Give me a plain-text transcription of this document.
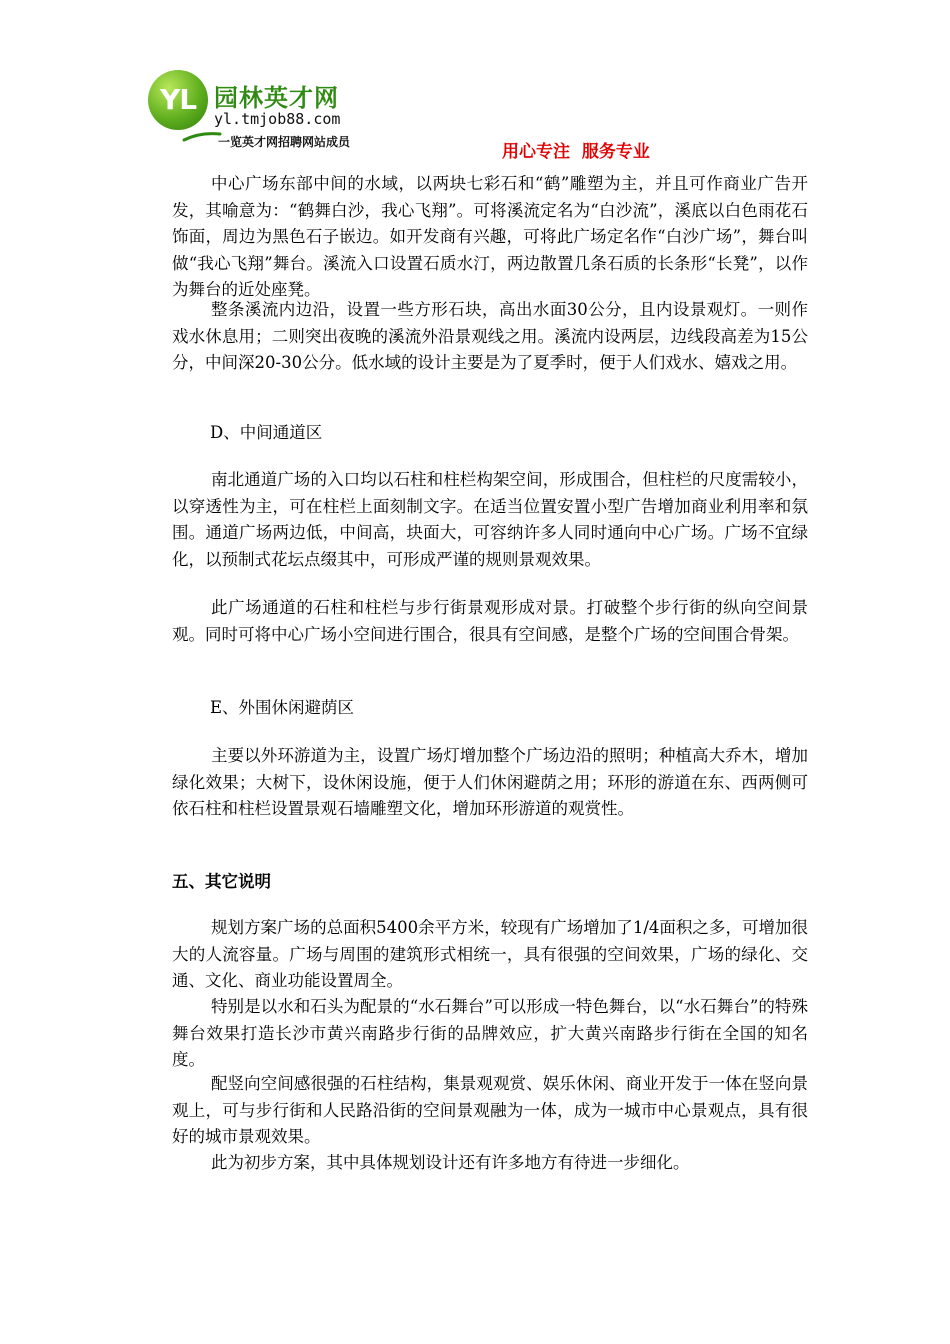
YL 园林英才网
yl.tmjob88.com
一览英才网招聘网站成员	用心专注  服务专业

中心广场东部中间的水域，以两块七彩石和“鹤”雕塑为主，并且可作商业广告开发，其喻意为：“鹤舞白沙，我心飞翔”。可将溪流定名为“白沙流”，溪底以白色雨花石饰面，周边为黑色石子嵌边。如开发商有兴趣，可将此广场定名作“白沙广场”，舞台叫做“我心飞翔”舞台。溪流入口设置石质水汀，两边散置几条石质的长条形“长凳”，以作为舞台的近处座凳。

整条溪流内边沿，设置一些方形石块，高出水面30公分，且内设景观灯。一则作戏水休息用；二则突出夜晚的溪流外沿景观线之用。溪流内设两层，边线段高差为15公分，中间深20-30公分。低水域的设计主要是为了夏季时，便于人们戏水、嬉戏之用。

D、中间通道区

南北通道广场的入口均以石柱和柱栏构架空间，形成围合，但柱栏的尺度需较小，以穿透性为主，可在柱栏上面刻制文字。在适当位置安置小型广告增加商业利用率和氛围。通道广场两边低，中间高，块面大，可容纳许多人同时通向中心广场。广场不宜绿化，以预制式花坛点缀其中，可形成严谨的规则景观效果。

此广场通道的石柱和柱栏与步行街景观形成对景。打破整个步行街的纵向空间景观。同时可将中心广场小空间进行围合，很具有空间感，是整个广场的空间围合骨架。

E、外围休闲避荫区

主要以外环游道为主，设置广场灯增加整个广场边沿的照明；种植高大乔木，增加绿化效果；大树下，设休闲设施，便于人们休闲避荫之用；环形的游道在东、西两侧可依石柱和柱栏设置景观石墙雕塑文化，增加环形游道的观赏性。

五、其它说明

规划方案广场的总面积5400余平方米，较现有广场增加了1/4面积之多，可增加很大的人流容量。广场与周围的建筑形式相统一，具有很强的空间效果，广场的绿化、交通、文化、商业功能设置周全。

特别是以水和石头为配景的“水石舞台”可以形成一特色舞台，以“水石舞台”的特殊舞台效果打造长沙市黄兴南路步行街的品牌效应，扩大黄兴南路步行街在全国的知名度。

配竖向空间感很强的石柱结构，集景观观赏、娱乐休闲、商业开发于一体在竖向景观上，可与步行街和人民路沿街的空间景观融为一体，成为一城市中心景观点，具有很好的城市景观效果。

此为初步方案，其中具体规划设计还有许多地方有待进一步细化。
